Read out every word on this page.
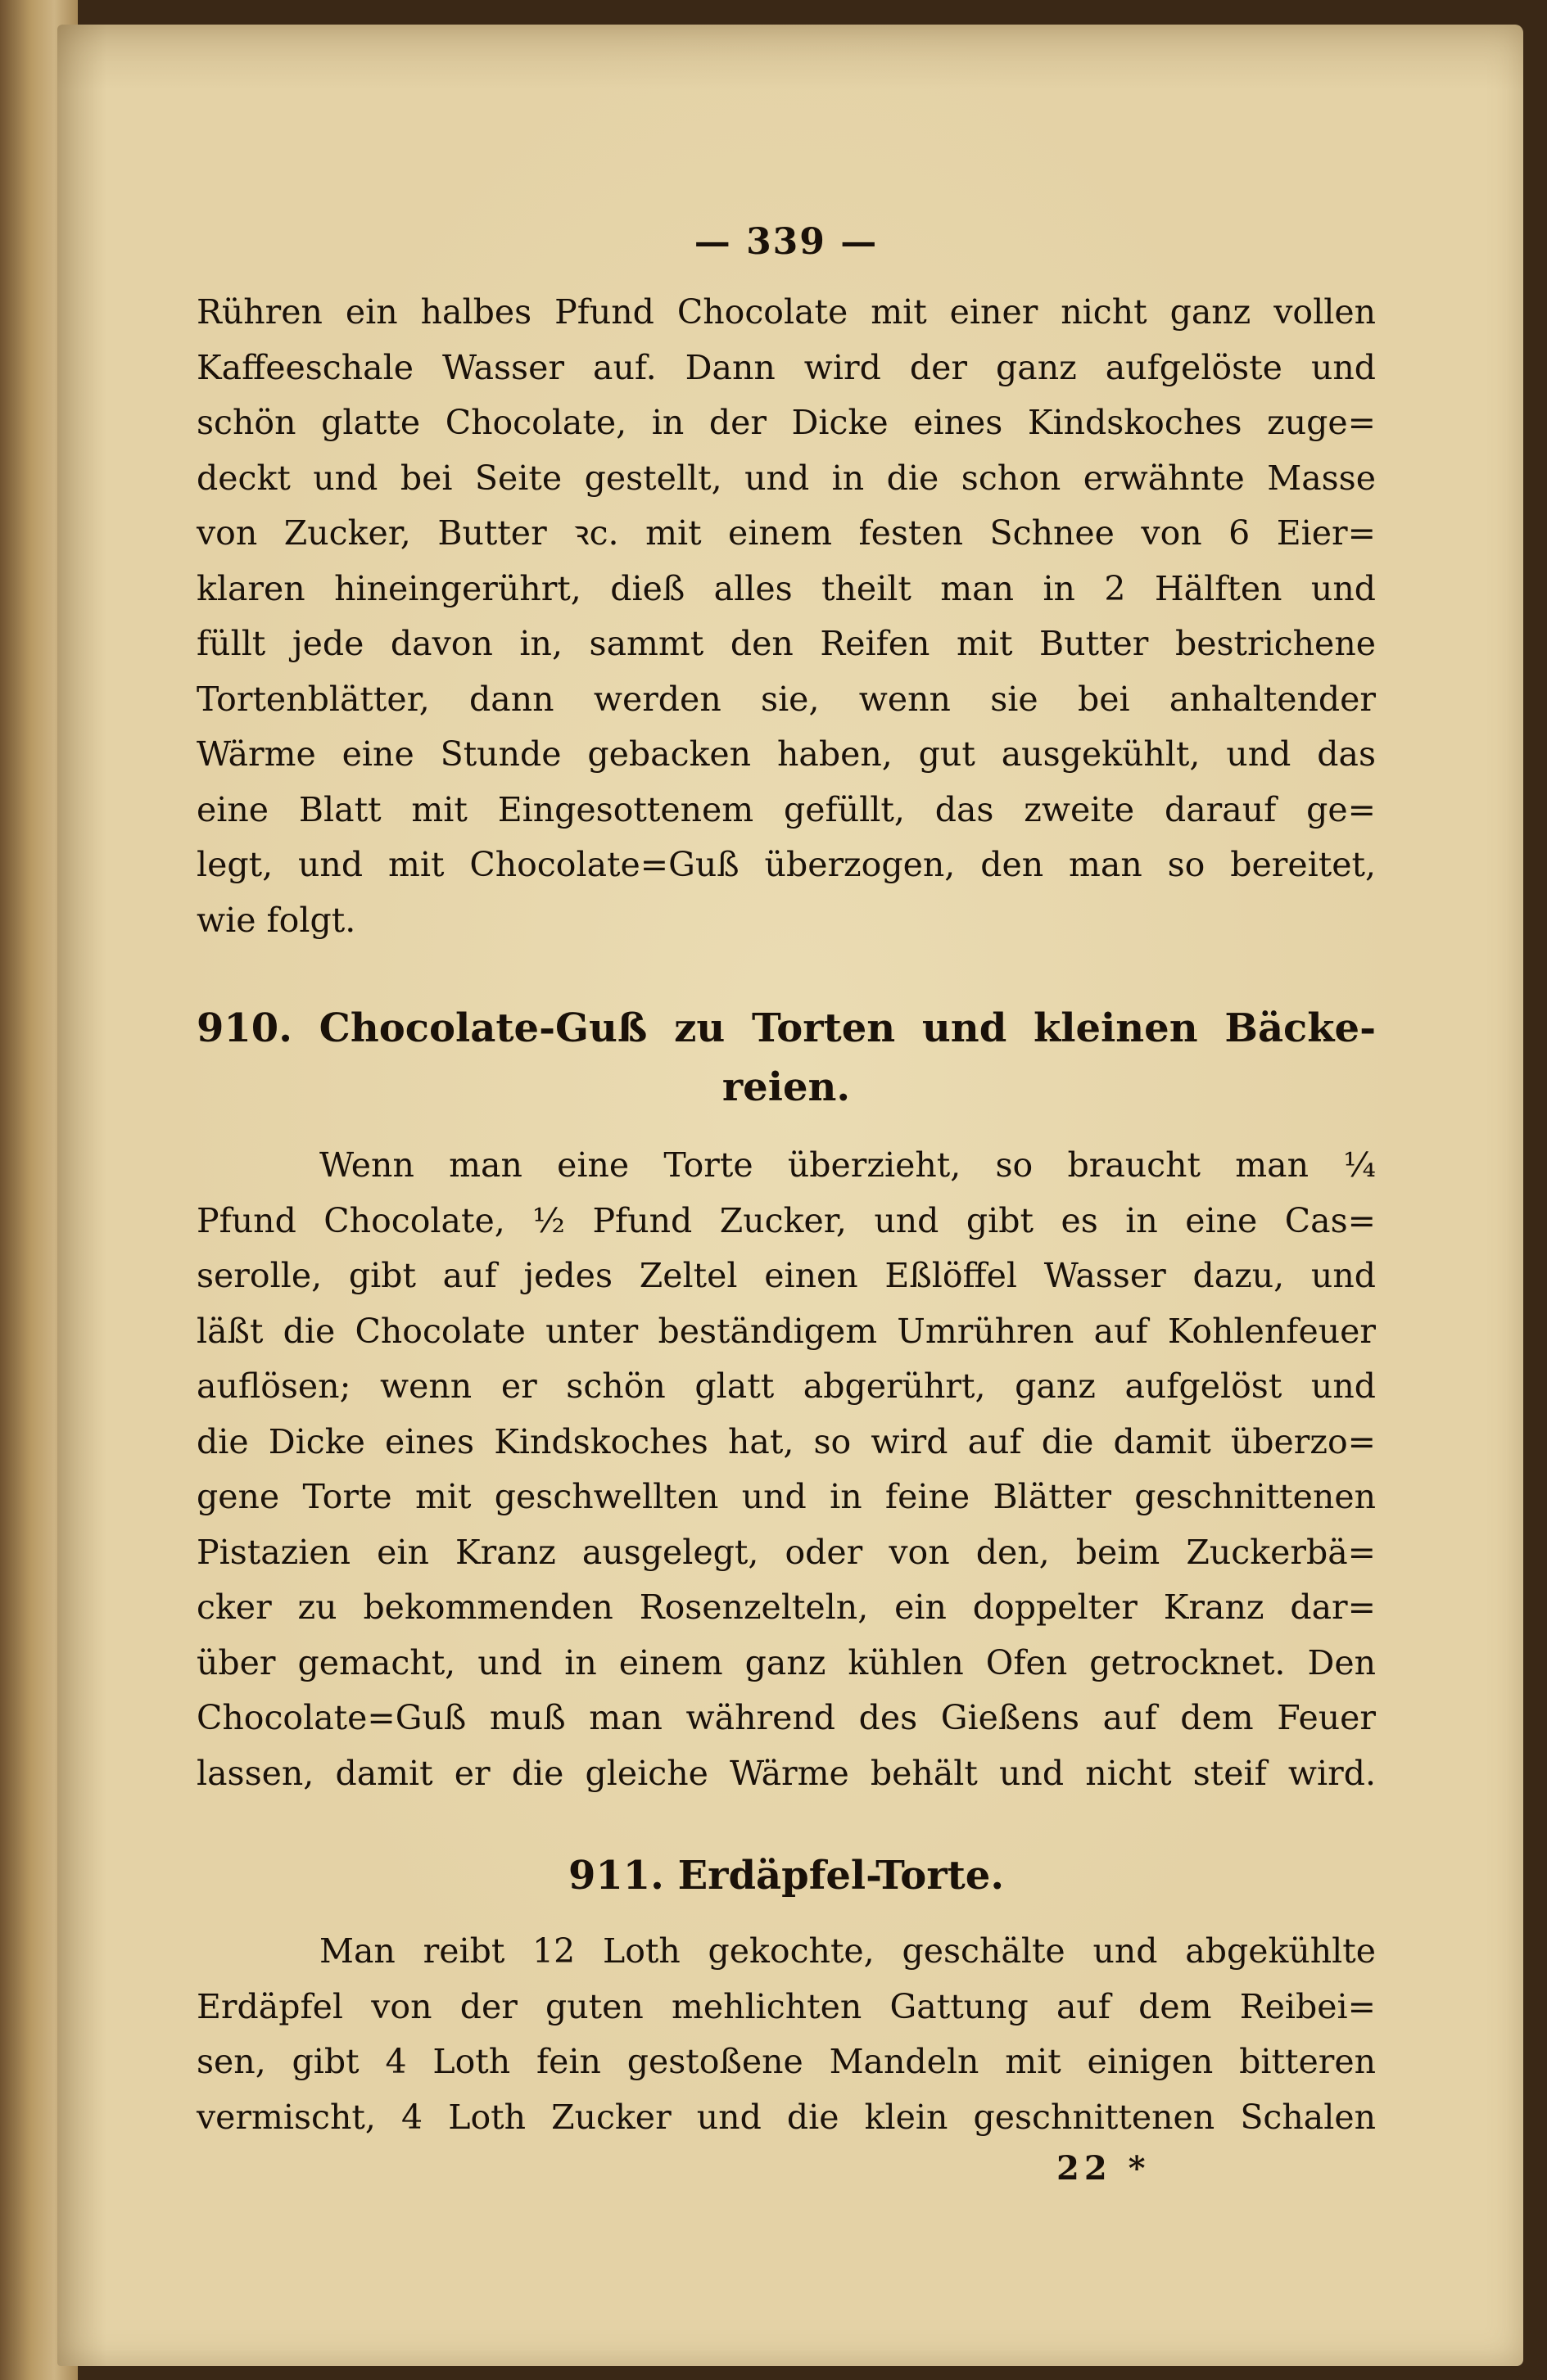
— 339 —
Rühren ein halbes Pfund Chocolate mit einer nicht ganz vollen
Kaffeeschale Wasser auf. Dann wird der ganz aufgelöste und
schön glatte Chocolate, in der Dicke eines Kindskoches zuge=
deckt und bei Seite gestellt, und in die schon erwähnte Masse
von Zucker, Butter ꝛc. mit einem festen Schnee von 6 Eier=
klaren hineingerührt, dieß alles theilt man in 2 Hälften und
füllt jede davon in, sammt den Reifen mit Butter bestrichene
Tortenblätter, dann werden sie, wenn sie bei anhaltender
Wärme eine Stunde gebacken haben, gut ausgekühlt, und das
eine Blatt mit Eingesottenem gefüllt, das zweite darauf ge=
legt, und mit Chocolate=Guß überzogen, den man so bereitet,
wie folgt.
910. Chocolate-Guß zu Torten und kleinen Bäcke-
reien.
Wenn man eine Torte überzieht, so braucht man ¼
Pfund Chocolate, ½ Pfund Zucker, und gibt es in eine Cas=
serolle, gibt auf jedes Zeltel einen Eßlöffel Wasser dazu, und
läßt die Chocolate unter beständigem Umrühren auf Kohlenfeuer
auflösen; wenn er schön glatt abgerührt, ganz aufgelöst und
die Dicke eines Kindskoches hat, so wird auf die damit überzo=
gene Torte mit geschwellten und in feine Blätter geschnittenen
Pistazien ein Kranz ausgelegt, oder von den, beim Zuckerbä=
cker zu bekommenden Rosenzelteln, ein doppelter Kranz dar=
über gemacht, und in einem ganz kühlen Ofen getrocknet. Den
Chocolate=Guß muß man während des Gießens auf dem Feuer
lassen, damit er die gleiche Wärme behält und nicht steif wird.
911. Erdäpfel-Torte.
Man reibt 12 Loth gekochte, geschälte und abgekühlte
Erdäpfel von der guten mehlichten Gattung auf dem Reibei=
sen, gibt 4 Loth fein gestoßene Mandeln mit einigen bitteren
vermischt, 4 Loth Zucker und die klein geschnittenen Schalen
22 *
